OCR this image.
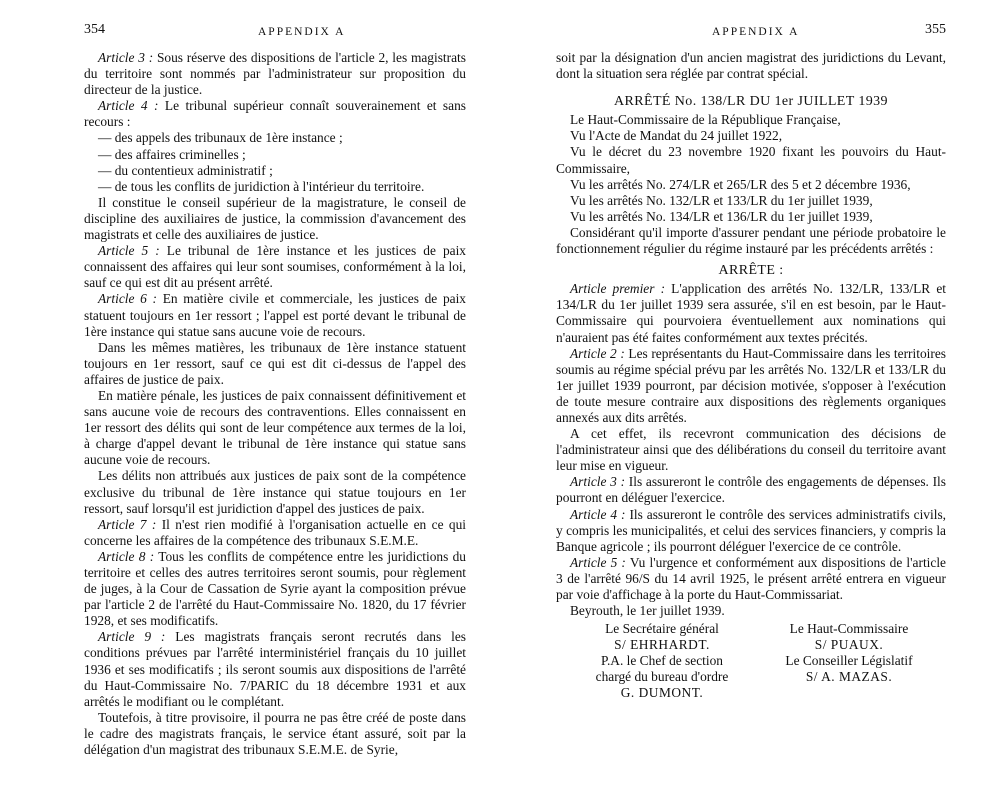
354	APPENDIX A

Article 3 : Sous réserve des dispositions de l'article 2, les magistrats du territoire sont nommés par l'administrateur sur proposition du directeur de la justice.

Article 4 : Le tribunal supérieur connaît souverainement et sans recours :

— des appels des tribunaux de 1ère instance ;

— des affaires criminelles ;

— du contentieux administratif ;

— de tous les conflits de juridiction à l'intérieur du territoire.

Il constitue le conseil supérieur de la magistrature, le conseil de discipline des auxiliaires de justice, la commission d'avancement des magistrats et celle des auxiliaires de justice.

Article 5 : Le tribunal de 1ère instance et les justices de paix connaissent des affaires qui leur sont soumises, conformément à la loi, sauf ce qui est dit au présent arrêté.

Article 6 : En matière civile et commerciale, les justices de paix statuent toujours en 1er ressort ; l'appel est porté devant le tribunal de 1ère instance qui statue sans aucune voie de recours.

Dans les mêmes matières, les tribunaux de 1ère instance statuent toujours en 1er ressort, sauf ce qui est dit ci-dessus de l'appel des affaires de justice de paix.

En matière pénale, les justices de paix connaissent définitivement et sans aucune voie de recours des contraventions. Elles connaissent en 1er ressort des délits qui sont de leur compétence aux termes de la loi, à charge d'appel devant le tribunal de 1ère instance qui statue sans aucune voie de recours.

Les délits non attribués aux justices de paix sont de la compétence exclusive du tribunal de 1ère instance qui statue toujours en 1er ressort, sauf lorsqu'il est juridiction d'appel des justices de paix.

Article 7 : Il n'est rien modifié à l'organisation actuelle en ce qui concerne les affaires de la compétence des tribunaux S.E.M.E.

Article 8 : Tous les conflits de compétence entre les juridictions du territoire et celles des autres territoires seront soumis, pour règlement de juges, à la Cour de Cassation de Syrie ayant la composition prévue par l'article 2 de l'arrêté du Haut-Commissaire No. 1820, du 17 février 1928, et ses modificatifs.

Article 9 : Les magistrats français seront recrutés dans les conditions prévues par l'arrêté interministériel français du 10 juillet 1936 et ses modificatifs ; ils seront soumis aux dispositions de l'arrêté du Haut-Commissaire No. 7/PARIC du 18 décembre 1931 et aux arrêtés le modifiant ou le complétant.

Toutefois, à titre provisoire, il pourra ne pas être créé de poste dans le cadre des magistrats français, le service étant assuré, soit par la délégation d'un magistrat des tribunaux S.E.M.E. de Syrie,

APPENDIX A	355

soit par la désignation d'un ancien magistrat des juridictions du Levant, dont la situation sera réglée par contrat spécial.

ARRÊTÉ No. 138/LR DU 1er JUILLET 1939

Le Haut-Commissaire de la République Française,

Vu l'Acte de Mandat du 24 juillet 1922,

Vu le décret du 23 novembre 1920 fixant les pouvoirs du Haut-Commissaire,

Vu les arrêtés No. 274/LR et 265/LR des 5 et 2 décembre 1936,

Vu les arrêtés No. 132/LR et 133/LR du 1er juillet 1939,

Vu les arrêtés No. 134/LR et 136/LR du 1er juillet 1939,

Considérant qu'il importe d'assurer pendant une période probatoire le fonctionnement régulier du régime instauré par les précédents arrêtés :

ARRÊTE :

Article premier : L'application des arrêtés No. 132/LR, 133/LR et 134/LR du 1er juillet 1939 sera assurée, s'il en est besoin, par le Haut-Commissaire qui pourvoiera éventuellement aux nominations qui n'auraient pas été faites conformément aux textes précités.

Article 2 : Les représentants du Haut-Commissaire dans les territoires soumis au régime spécial prévu par les arrêtés No. 132/LR et 133/LR du 1er juillet 1939 pourront, par décision motivée, s'opposer à l'exécution de toute mesure contraire aux dispositions des règlements organiques annexés aux dits arrêtés.

A cet effet, ils recevront communication des décisions de l'administrateur ainsi que des délibérations du conseil du territoire avant leur mise en vigueur.

Article 3 : Ils assureront le contrôle des engagements de dépenses. Ils pourront en déléguer l'exercice.

Article 4 : Ils assureront le contrôle des services administratifs civils, y compris les municipalités, et celui des services financiers, y compris la Banque agricole ; ils pourront déléguer l'exercice de ce contrôle.

Article 5 : Vu l'urgence et conformément aux dispositions de l'article 3 de l'arrêté 96/S du 14 avril 1925, le présent arrêté entrera en vigueur par voie d'affichage à la porte du Haut-Commissariat.

Beyrouth, le 1er juillet 1939.

Le Secrétaire général
S/ EHRHARDT.
P.A. le Chef de section
chargé du bureau d'ordre
G. DUMONT.
Le Haut-Commissaire
S/ PUAUX.
Le Conseiller Législatif
S/ A. MAZAS.
